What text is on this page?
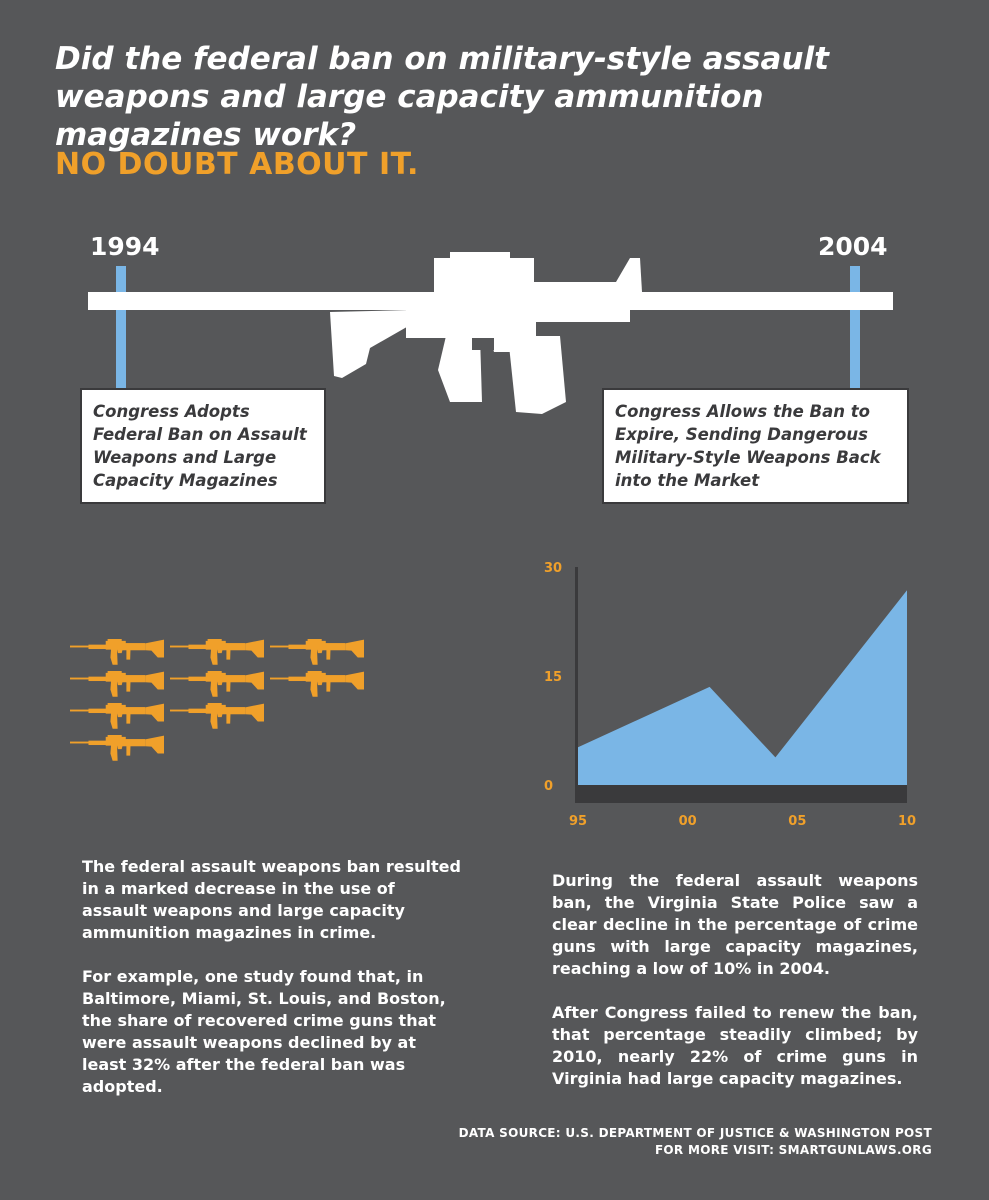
Did the federal ban on military-style assault weapons and large capacity ammunition magazines work?
NO DOUBT ABOUT IT.
1994	2004
Congress Adopts Federal Ban on Assault Weapons and Large Capacity Magazines
Congress Allows the Ban to Expire, Sending Dangerous Military-Style Weapons Back into the Market
0
15
30
95	00	05	10

The federal assault weapons ban resulted in a marked decrease in the use of assault weapons and large capacity ammunition magazines in crime.

For example, one study found that, in Baltimore, Miami, St. Louis, and Boston, the share of recovered crime guns that were assault weapons declined by at least 32% after the federal ban was adopted.

During the federal assault weapons ban, the Virginia State Police saw a clear decline in the percentage of crime guns with large capacity magazines, reaching a low of 10% in 2004.

After Congress failed to renew the ban, that percentage steadily climbed; by 2010, nearly 22% of crime guns in Virginia had large capacity magazines.

DATA SOURCE: U.S. DEPARTMENT OF JUSTICE & WASHINGTON POST
FOR MORE VISIT: SMARTGUNLAWS.ORG
